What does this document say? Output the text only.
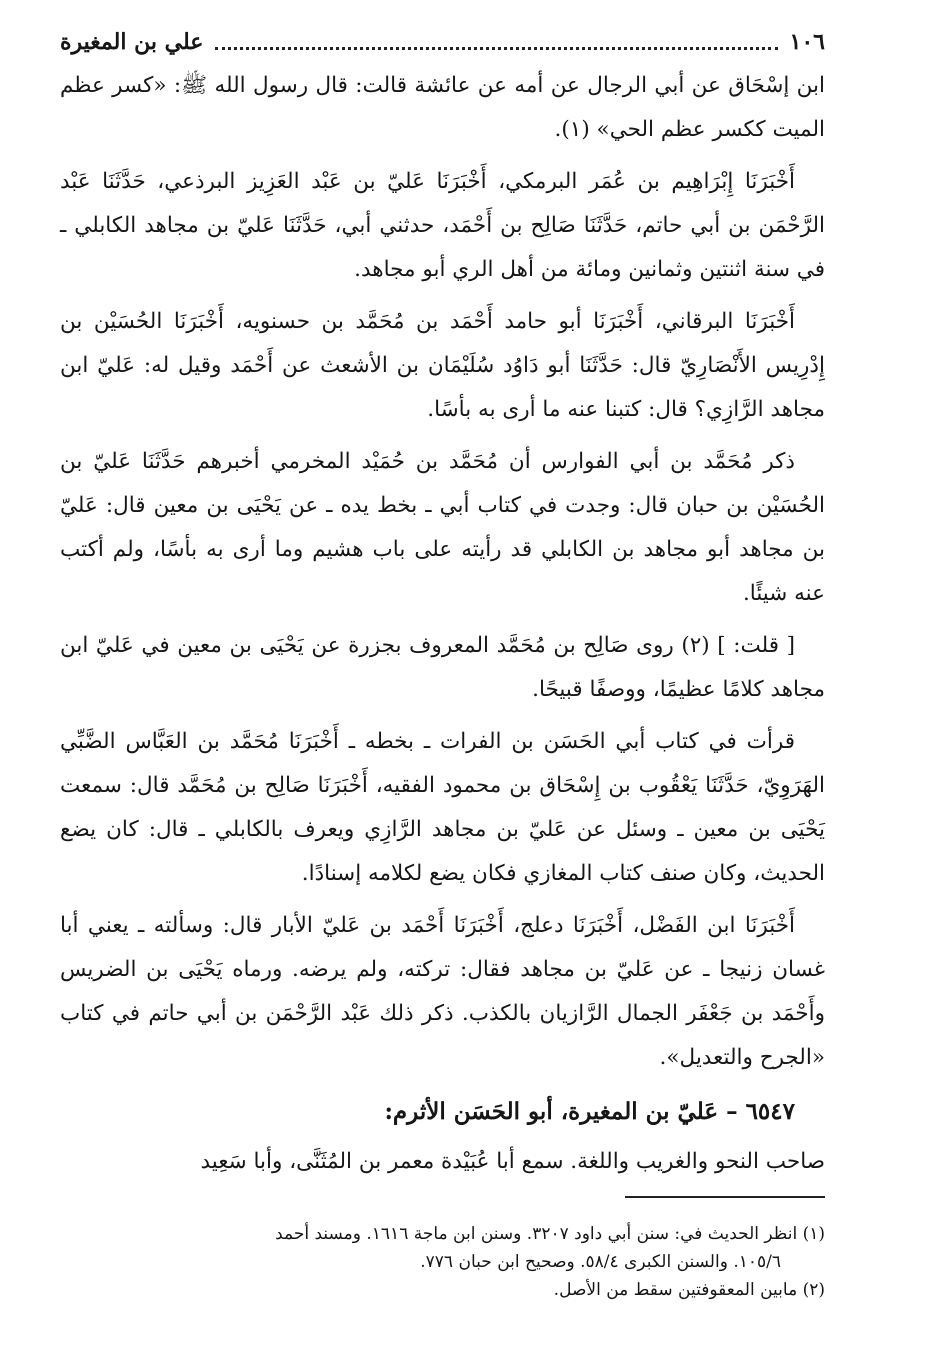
١٠٦
علي بن المغيرة

ابن إسْحَاق عن أبي الرجال عن أمه عن عائشة قالت: قال رسول الله ﷺ: «كسر عظم الميت ككسر عظم الحي» (١).

أَخْبَرَنَا إِبْرَاهِيم بن عُمَر البرمكي، أَخْبَرَنَا عَليّ بن عَبْد العَزِيز البرذعي، حَدَّثَنَا عَبْد الرَّحْمَن بن أبي حاتم، حَدَّثَنَا صَالِح بن أَحْمَد، حدثني أبي، حَدَّثَنَا عَليّ بن مجاهد الكابلي ـ في سنة اثنتين وثمانين ومائة من أهل الري أبو مجاهد.

أَخْبَرَنَا البرقاني، أَخْبَرَنَا أبو حامد أَحْمَد بن مُحَمَّد بن حسنويه، أَخْبَرَنَا الحُسَيْن بن إِدْرِيس الأَنْصَارِيّ قال: حَدَّثَنَا أبو دَاوُد سُلَيْمَان بن الأشعث عن أَحْمَد وقيل له: عَليّ ابن مجاهد الرَّازِي؟ قال: كتبنا عنه ما أرى به بأسًا.

ذكر مُحَمَّد بن أبي الفوارس أن مُحَمَّد بن حُمَيْد المخرمي أخبرهم حَدَّثَنَا عَليّ بن الحُسَيْن بن حبان قال: وجدت في كتاب أبي ـ بخط يده ـ عن يَحْيَى بن معين قال: عَليّ بن مجاهد أبو مجاهد بن الكابلي قد رأيته على باب هشيم وما أرى به بأسًا، ولم أكتب عنه شيئًا.

[ قلت: ] (٢) روى صَالِح بن مُحَمَّد المعروف بجزرة عن يَحْيَى بن معين في عَليّ ابن مجاهد كلامًا عظيمًا، ووصفًا قبيحًا.

قرأت في كتاب أبي الحَسَن بن الفرات ـ بخطه ـ أَخْبَرَنَا مُحَمَّد بن العَبَّاس الضَّبِّي الهَرَوِيّ، حَدَّثَنَا يَعْقُوب بن إِسْحَاق بن محمود الفقيه، أَخْبَرَنَا صَالِح بن مُحَمَّد قال: سمعت يَحْيَى بن معين ـ وسئل عن عَليّ بن مجاهد الرَّازِي ويعرف بالكابلي ـ قال: كان يضع الحديث، وكان صنف كتاب المغازي فكان يضع لكلامه إسنادًا.

أَخْبَرَنَا ابن الفَضْل، أَخْبَرَنَا دعلج، أَخْبَرَنَا أَحْمَد بن عَليّ الأبار قال: وسألته ـ يعني أبا غسان زنيجا ـ عن عَليّ بن مجاهد فقال: تركته، ولم يرضه. ورماه يَحْيَى بن الضريس وأَحْمَد بن جَعْفَر الجمال الرَّازيان بالكذب. ذكر ذلك عَبْد الرَّحْمَن بن أبي حاتم في كتاب «الجرح والتعديل».

٦٥٤٧ – عَليّ بن المغيرة، أبو الحَسَن الأثرم:

صاحب النحو والغريب واللغة. سمع أبا عُبَيْدة معمر بن المُثَنَّى، وأبا سَعِيد

(١) انظر الحديث في: سنن أبي داود ٣٢٠٧. وسنن ابن ماجة ١٦١٦. ومسند أحمد

١٠٥/٦. والسنن الكبرى ٥٨/٤. وصحيح ابن حبان ٧٧٦.

(٢) مابين المعقوفتين سقط من الأصل.
